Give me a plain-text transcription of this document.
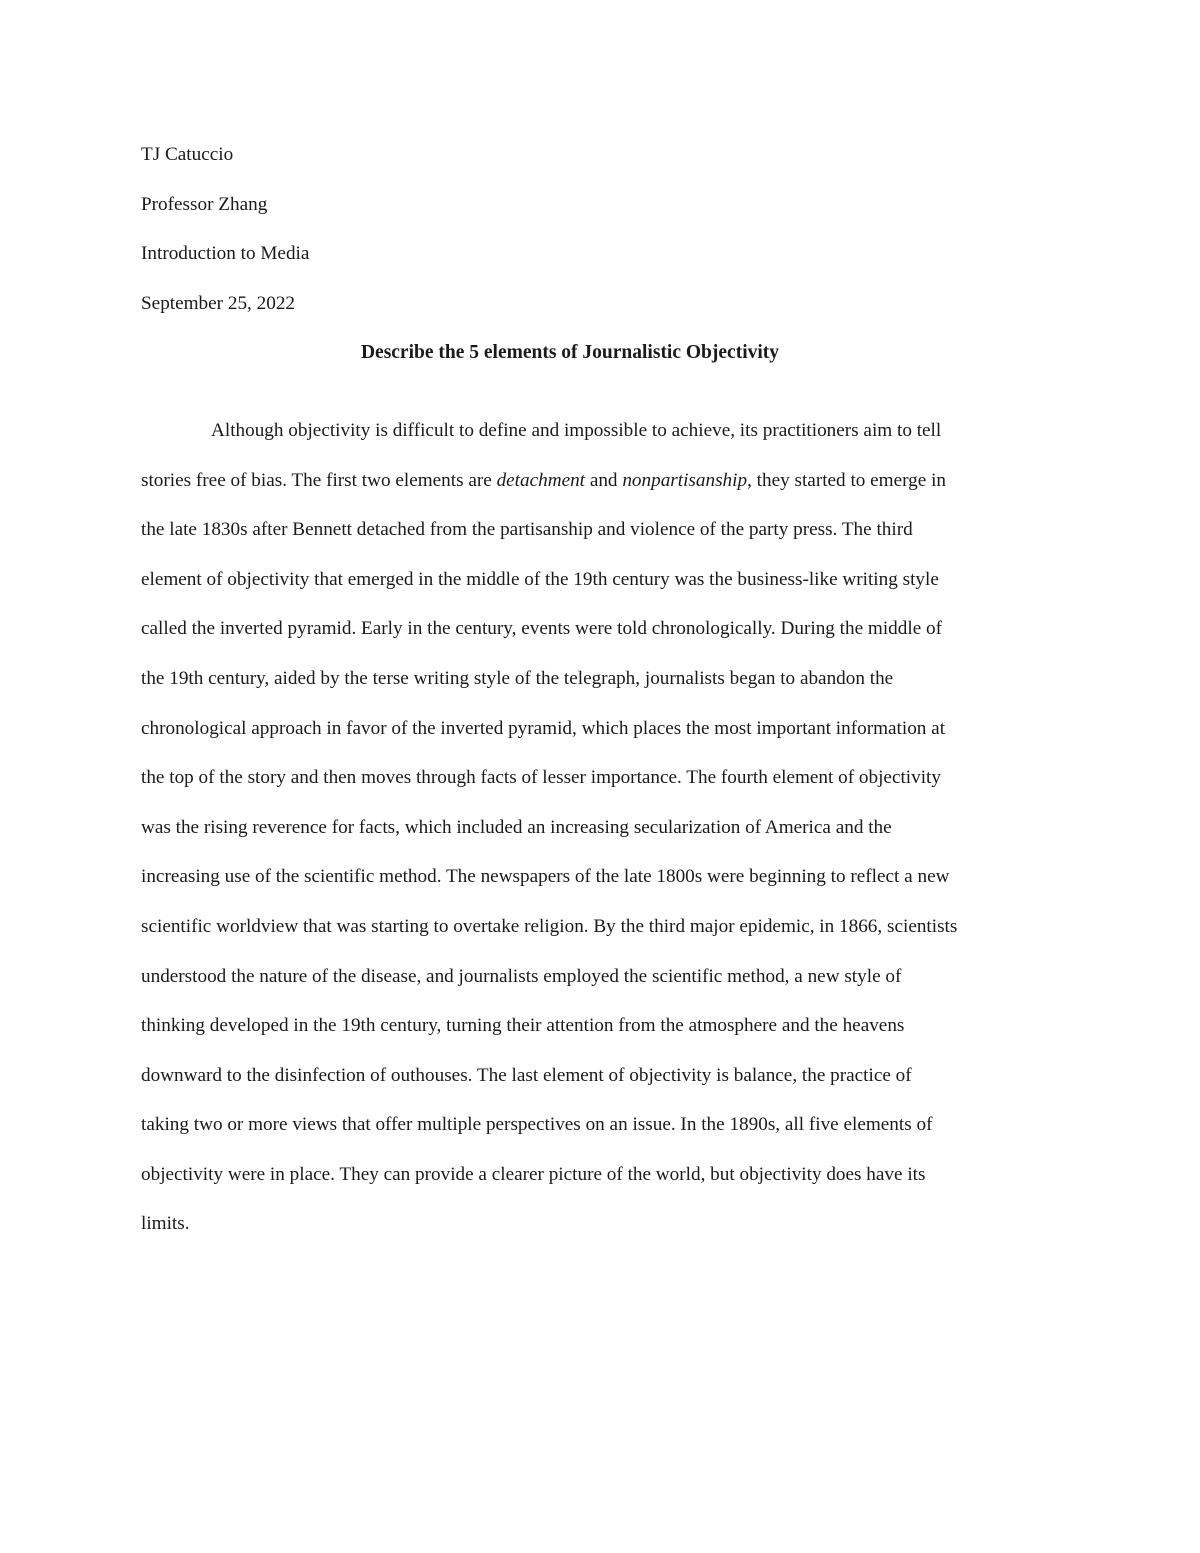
TJ Catuccio

Professor Zhang

Introduction to Media

September 25, 2022

Describe the 5 elements of Journalistic Objectivity

Although objectivity is difficult to define and impossible to achieve, its practitioners aim to tell
stories free of bias. The first two elements are detachment and nonpartisanship, they started to emerge in
the late 1830s after Bennett detached from the partisanship and violence of the party press. The third
element of objectivity that emerged in the middle of the 19th century was the business-like writing style
called the inverted pyramid. Early in the century, events were told chronologically. During the middle of
the 19th century, aided by the terse writing style of the telegraph, journalists began to abandon the
chronological approach in favor of the inverted pyramid, which places the most important information at
the top of the story and then moves through facts of lesser importance. The fourth element of objectivity
was the rising reverence for facts, which included an increasing secularization of America and the
increasing use of the scientific method. The newspapers of the late 1800s were beginning to reflect a new
scientific worldview that was starting to overtake religion. By the third major epidemic, in 1866, scientists
understood the nature of the disease, and journalists employed the scientific method, a new style of
thinking developed in the 19th century, turning their attention from the atmosphere and the heavens
downward to the disinfection of outhouses. The last element of objectivity is balance, the practice of
taking two or more views that offer multiple perspectives on an issue. In the 1890s, all five elements of
objectivity were in place. They can provide a clearer picture of the world, but objectivity does have its
limits.
